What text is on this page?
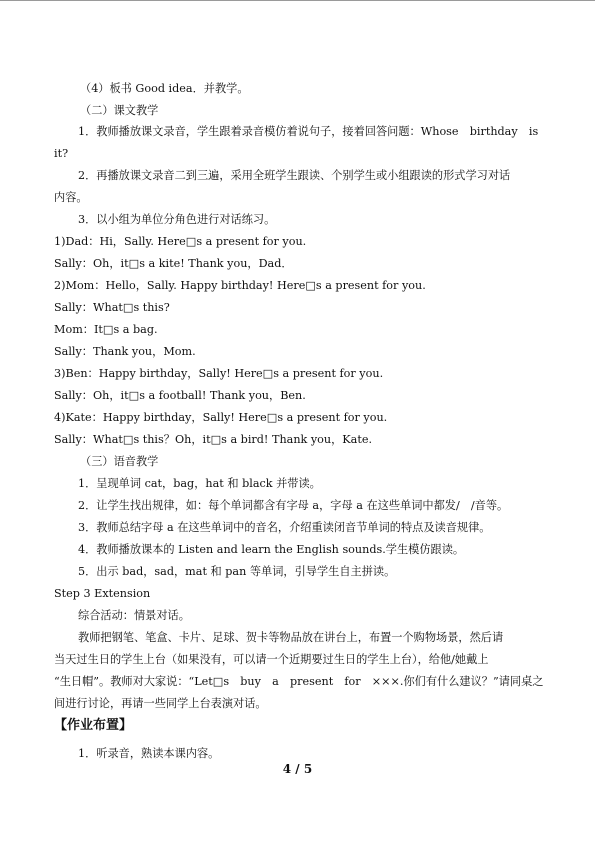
（4）板书 Good idea．并教学。
（二）课文教学
1．教师播放课文录音，学生跟着录音模仿着说句子，接着回答问题：Whose　birthday　is
it?
2．再播放课文录音二到三遍，采用全班学生跟读、个别学生或小组跟读的形式学习对话
内容。
3．以小组为单位分角色进行对话练习。
1)Dad：Hi，Sally. Here□s a present for you.
Sally：Oh，it□s a kite! Thank you，Dad．
2)Mom：Hello，Sally. Happy birthday! Here□s a present for you.
Sally：What□s this?
Mom：It□s a bag.
Sally：Thank you，Mom.
3)Ben：Happy birthday，Sally! Here□s a present for you.
Sally：Oh，it□s a football! Thank you，Ben.
4)Kate：Happy birthday，Sally! Here□s a present for you.
Sally：What□s this？Oh，it□s a bird! Thank you，Kate.
（三）语音教学
1．呈现单词 cat，bag，hat 和 black 并带读。
2．让学生找出规律，如：每个单词都含有字母 a，字母 a 在这些单词中都发/　/音等。
3．教师总结字母 a 在这些单词中的音名，介绍重读闭音节单词的特点及读音规律。
4．教师播放课本的 Listen and learn the English sounds.学生模仿跟读。
5．出示 bad，sad，mat 和 pan 等单词，引导学生自主拼读。
Step 3 Extension
综合活动：情景对话。
教师把钢笔、笔盒、卡片、足球、贺卡等物品放在讲台上，布置一个购物场景，然后请
当天过生日的学生上台（如果没有，可以请一个近期要过生日的学生上台），给他/她戴上
“生日帽”。教师对大家说：“Let□s　buy　a　present　for　×××.你们有什么建议？”请同桌之
间进行讨论，再请一些同学上台表演对话。
【作业布置】
1．听录音，熟读本课内容。
4 / 5
